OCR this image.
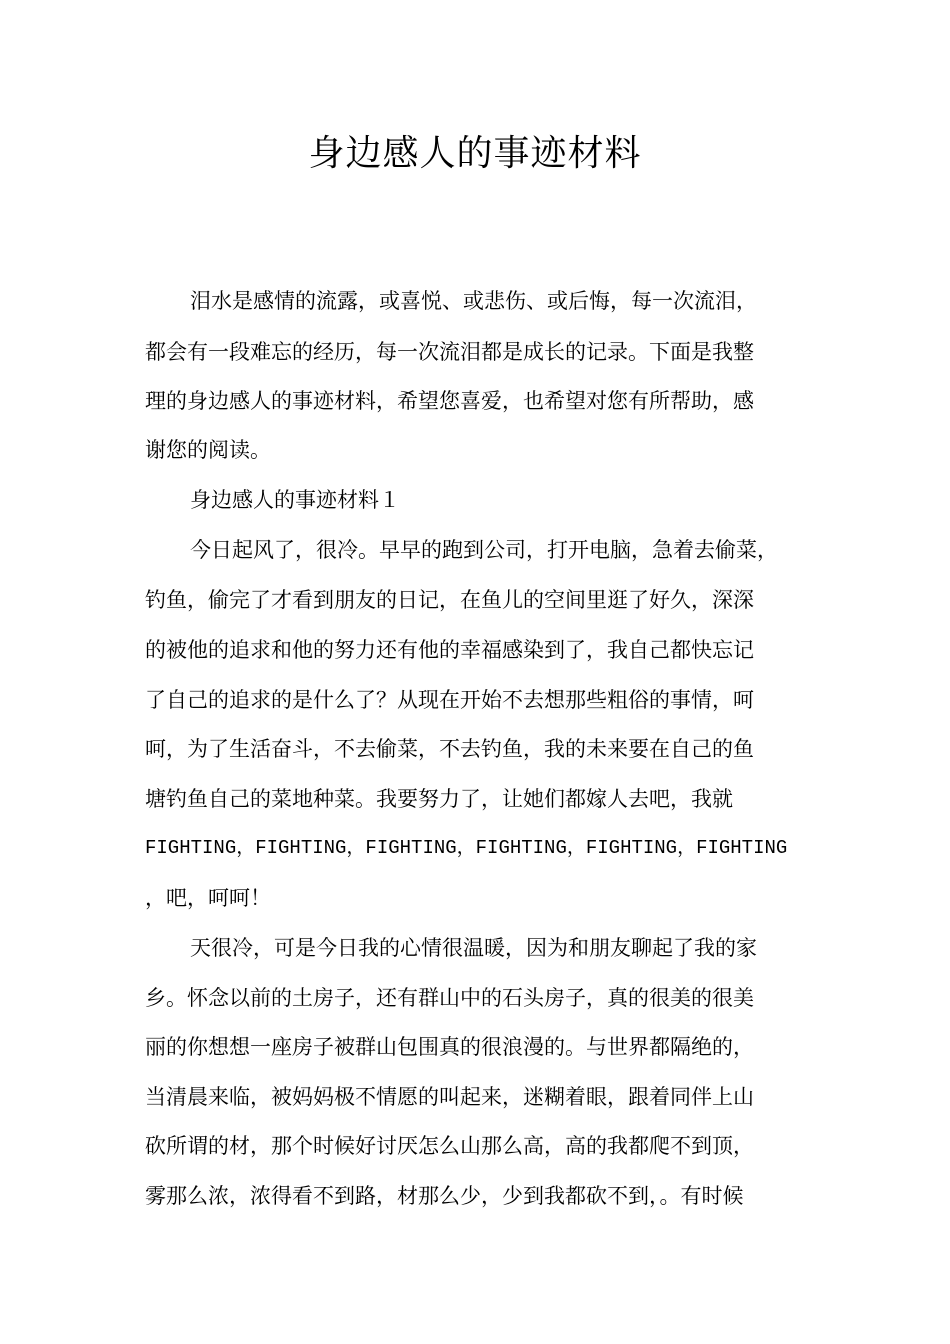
身边感人的事迹材料

泪水是感情的流露，或喜悦、或悲伤、或后悔，每一次流泪，

都会有一段难忘的经历，每一次流泪都是成长的记录。下面是我整

理的身边感人的事迹材料，希望您喜爱，也希望对您有所帮助，感

谢您的阅读。

身边感人的事迹材料１

今日起风了，很冷。早早的跑到公司，打开电脑，急着去偷菜，

钓鱼，偷完了才看到朋友的日记，在鱼儿的空间里逛了好久，深深

的被他的追求和他的努力还有他的幸福感染到了，我自己都快忘记

了自己的追求的是什么了？从现在开始不去想那些粗俗的事情，呵

呵，为了生活奋斗，不去偷菜，不去钓鱼，我的未来要在自己的鱼

塘钓鱼自己的菜地种菜。我要努力了，让她们都嫁人去吧，我就

FIGHTING，FIGHTING，FIGHTING，FIGHTING，FIGHTING，FIGHTING

，吧，呵呵！

天很冷，可是今日我的心情很温暖，因为和朋友聊起了我的家

乡。怀念以前的土房子，还有群山中的石头房子，真的很美的很美

丽的你想想一座房子被群山包围真的很浪漫的。与世界都隔绝的，

当清晨来临，被妈妈极不情愿的叫起来，迷糊着眼，跟着同伴上山

砍所谓的材，那个时候好讨厌怎么山那么高，高的我都爬不到顶，

雾那么浓，浓得看不到路，材那么少，少到我都砍不到，。有时候
